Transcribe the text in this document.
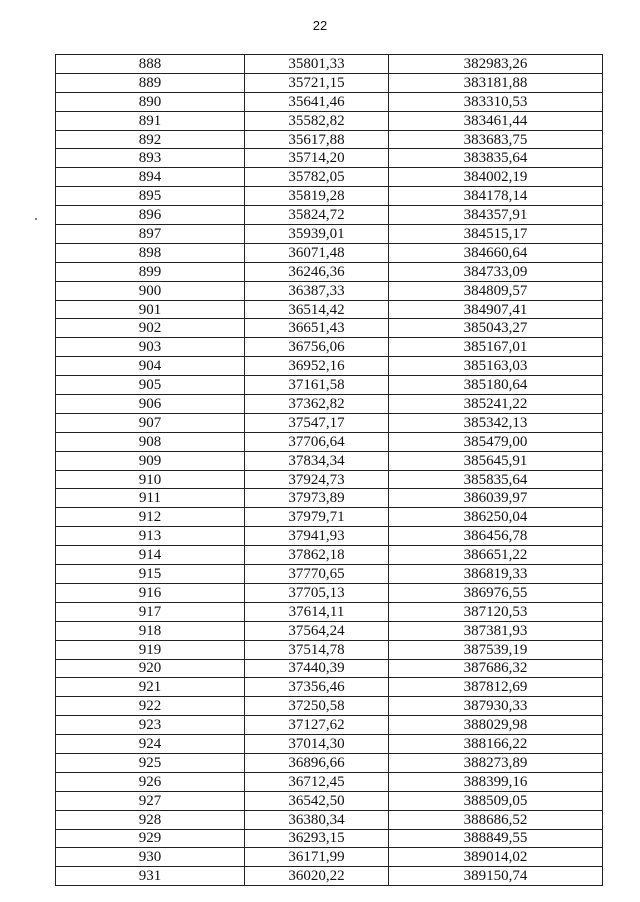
22
888	35801,33	382983,26
889	35721,15	383181,88
890	35641,46	383310,53
891	35582,82	383461,44
892	35617,88	383683,75
893	35714,20	383835,64
894	35782,05	384002,19
895	35819,28	384178,14
896	35824,72	384357,91
897	35939,01	384515,17
898	36071,48	384660,64
899	36246,36	384733,09
900	36387,33	384809,57
901	36514,42	384907,41
902	36651,43	385043,27
903	36756,06	385167,01
904	36952,16	385163,03
905	37161,58	385180,64
906	37362,82	385241,22
907	37547,17	385342,13
908	37706,64	385479,00
909	37834,34	385645,91
910	37924,73	385835,64
911	37973,89	386039,97
912	37979,71	386250,04
913	37941,93	386456,78
914	37862,18	386651,22
915	37770,65	386819,33
916	37705,13	386976,55
917	37614,11	387120,53
918	37564,24	387381,93
919	37514,78	387539,19
920	37440,39	387686,32
921	37356,46	387812,69
922	37250,58	387930,33
923	37127,62	388029,98
924	37014,30	388166,22
925	36896,66	388273,89
926	36712,45	388399,16
927	36542,50	388509,05
928	36380,34	388686,52
929	36293,15	388849,55
930	36171,99	389014,02
931	36020,22	389150,74
